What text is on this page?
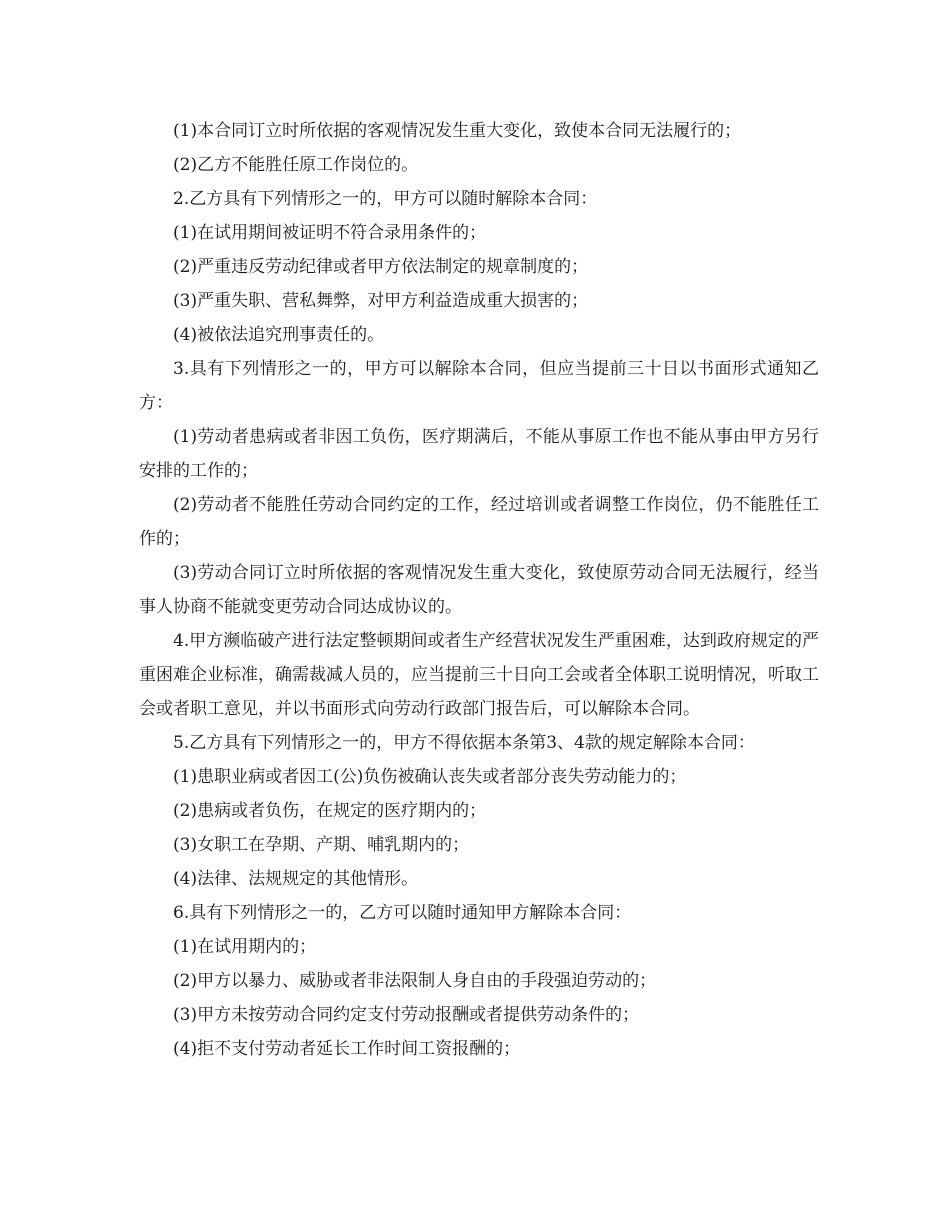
(1)本合同订立时所依据的客观情况发生重大变化，致使本合同无法履行的；

(2)乙方不能胜任原工作岗位的。

2.乙方具有下列情形之一的，甲方可以随时解除本合同：

(1)在试用期间被证明不符合录用条件的；

(2)严重违反劳动纪律或者甲方依法制定的规章制度的；

(3)严重失职、营私舞弊，对甲方利益造成重大损害的；

(4)被依法追究刑事责任的。

3.具有下列情形之一的，甲方可以解除本合同，但应当提前三十日以书面形式通知乙方：

(1)劳动者患病或者非因工负伤，医疗期满后，不能从事原工作也不能从事由甲方另行安排的工作的；

(2)劳动者不能胜任劳动合同约定的工作，经过培训或者调整工作岗位，仍不能胜任工作的；

(3)劳动合同订立时所依据的客观情况发生重大变化，致使原劳动合同无法履行，经当事人协商不能就变更劳动合同达成协议的。

4.甲方濒临破产进行法定整顿期间或者生产经营状况发生严重困难，达到政府规定的严重困难企业标准，确需裁减人员的，应当提前三十日向工会或者全体职工说明情况，听取工会或者职工意见，并以书面形式向劳动行政部门报告后，可以解除本合同。

5.乙方具有下列情形之一的，甲方不得依据本条第3、4款的规定解除本合同：

(1)患职业病或者因工(公)负伤被确认丧失或者部分丧失劳动能力的；

(2)患病或者负伤，在规定的医疗期内的；

(3)女职工在孕期、产期、哺乳期内的；

(4)法律、法规规定的其他情形。

6.具有下列情形之一的，乙方可以随时通知甲方解除本合同：

(1)在试用期内的；

(2)甲方以暴力、威胁或者非法限制人身自由的手段强迫劳动的；

(3)甲方未按劳动合同约定支付劳动报酬或者提供劳动条件的；

(4)拒不支付劳动者延长工作时间工资报酬的；
